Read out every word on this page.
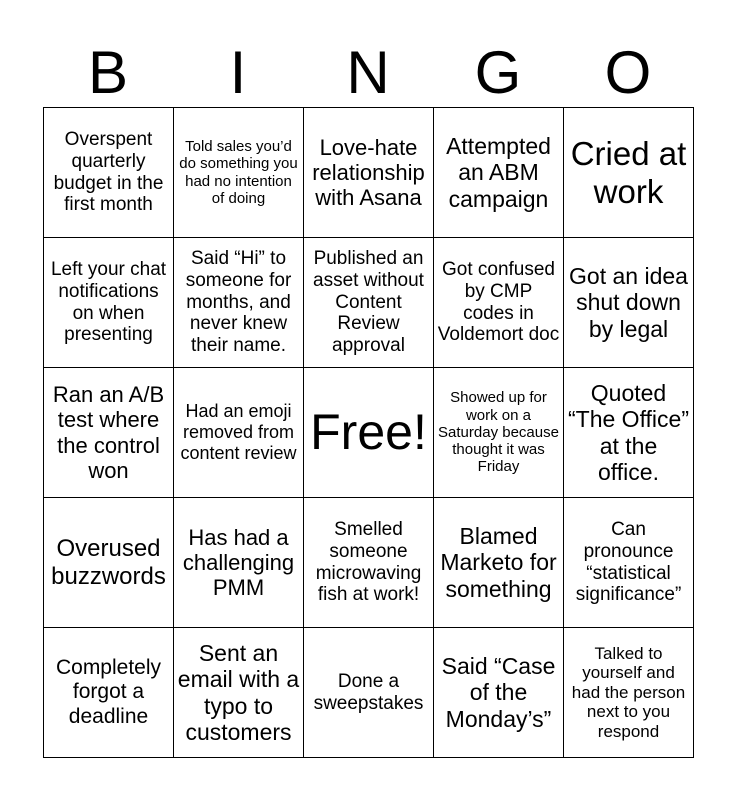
B	I	N	G	O
Overspent quarterly budget in the first month	Told sales you’d do something you had no intention of doing	Love-hate relationship with Asana	Attempted an ABM campaign	Cried at work
Left your chat notifications on when presenting	Said “Hi” to someone for months, and never knew their name.	Published an asset without Content Review approval	Got confused by CMP codes in Voldemort doc	Got an idea shut down by legal
Ran an A/B test where the control won	Had an emoji removed from content review	Free!	Showed up for work on a Saturday because thought it was Friday	Quoted “The Office” at the office.
Overused buzzwords	Has had a challenging PMM	Smelled someone microwaving fish at work!	Blamed Marketo for something	Can pronounce “statistical significance”
Completely forgot a deadline	Sent an email with a typo to customers	Done a sweepstakes	Said “Case of the Monday’s”	Talked to yourself and had the person next to you respond
